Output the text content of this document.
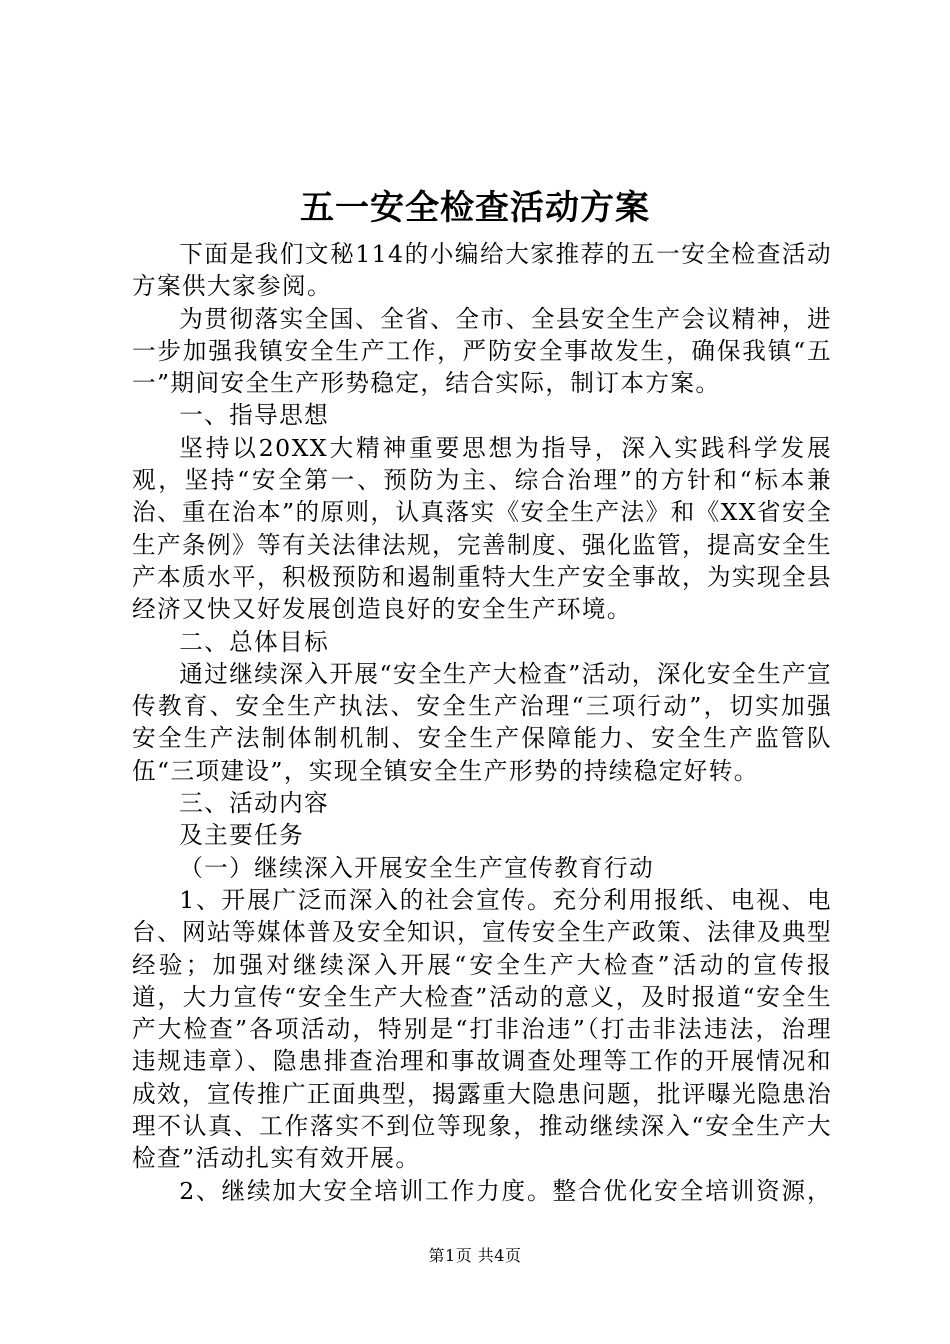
五一安全检查活动方案

下面是我们文秘114的小编给大家推荐的五一安全检查活动方案供大家参阅。

为贯彻落实全国、全省、全市、全县安全生产会议精神，进一步加强我镇安全生产工作，严防安全事故发生，确保我镇“五一”期间安全生产形势稳定，结合实际，制订本方案。

一、指导思想

坚持以20XX大精神重要思想为指导，深入实践科学发展观，坚持“安全第一、预防为主、综合治理”的方针和“标本兼治、重在治本”的原则，认真落实《安全生产法》和《XX省安全生产条例》等有关法律法规，完善制度、强化监管，提高安全生产本质水平，积极预防和遏制重特大生产安全事故，为实现全县经济又快又好发展创造良好的安全生产环境。

二、总体目标

通过继续深入开展“安全生产大检查”活动，深化安全生产宣传教育、安全生产执法、安全生产治理“三项行动”，切实加强安全生产法制体制机制、安全生产保障能力、安全生产监管队伍“三项建设”，实现全镇安全生产形势的持续稳定好转。

三、活动内容

及主要任务

（一）继续深入开展安全生产宣传教育行动

1、开展广泛而深入的社会宣传。充分利用报纸、电视、电台、网站等媒体普及安全知识，宣传安全生产政策、法律及典型经验；加强对继续深入开展“安全生产大检查”活动的宣传报道，大力宣传“安全生产大检查”活动的意义，及时报道“安全生产大检查”各项活动，特别是“打非治违”（打击非法违法，治理违规违章）、隐患排查治理和事故调查处理等工作的开展情况和成效，宣传推广正面典型，揭露重大隐患问题，批评曝光隐患治理不认真、工作落实不到位等现象，推动继续深入“安全生产大检查”活动扎实有效开展。

2、继续加大安全培训工作力度。整合优化安全培训资源，

第1页 共4页
